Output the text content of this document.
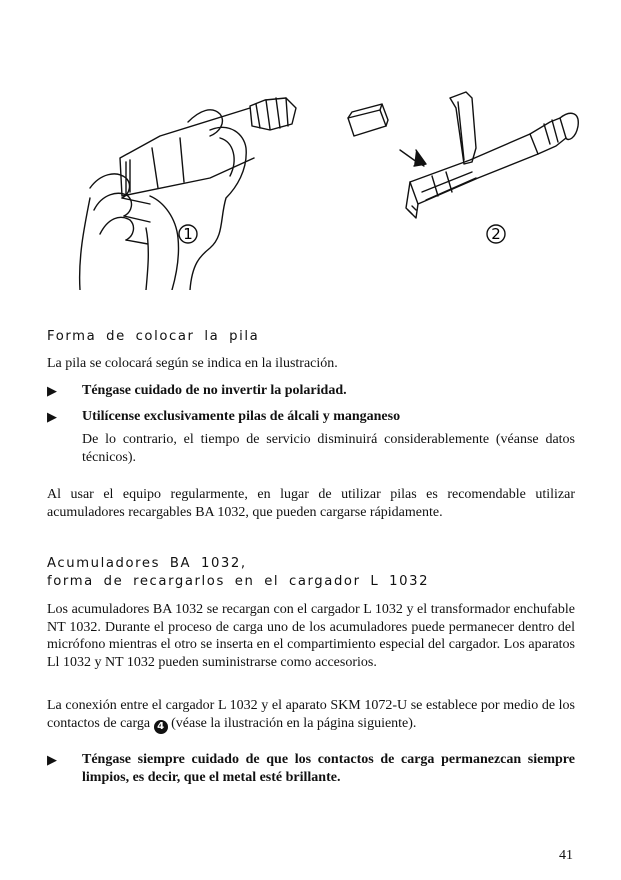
1	2
Forma de colocar la pila

La pila se colocará según se indica en la ilustración.

▶ Téngase cuidado de no invertir la polaridad.
▶ Utilícense exclusivamente pilas de álcali y manganeso

De lo contrario, el tiempo de servicio disminuirá considerablemente (véanse datos técnicos).

Al usar el equipo regularmente, en lugar de utilizar pilas es recomendable utilizar acumuladores recargables BA 1032, que pueden cargarse rápidamente.

Acumuladores BA 1032,
forma de recargarlos en el cargador L 1032

Los acumuladores BA 1032 se recargan con el cargador L 1032 y el transformador enchufable NT 1032. Durante el proceso de carga uno de los acumuladores puede permanecer dentro del micrófono mientras el otro se inserta en el compartimiento especial del cargador. Los aparatos Ll 1032 y NT 1032 pueden suministrarse como accesorios.

La conexión entre el cargador L 1032 y el aparato SKM 1072-U se establece por medio de los contactos de carga 4 (véase la ilustración en la página siguiente).

▶ Téngase siempre cuidado de que los contactos de carga permanezcan siempre limpios, es decir, que el metal esté brillante.
41
